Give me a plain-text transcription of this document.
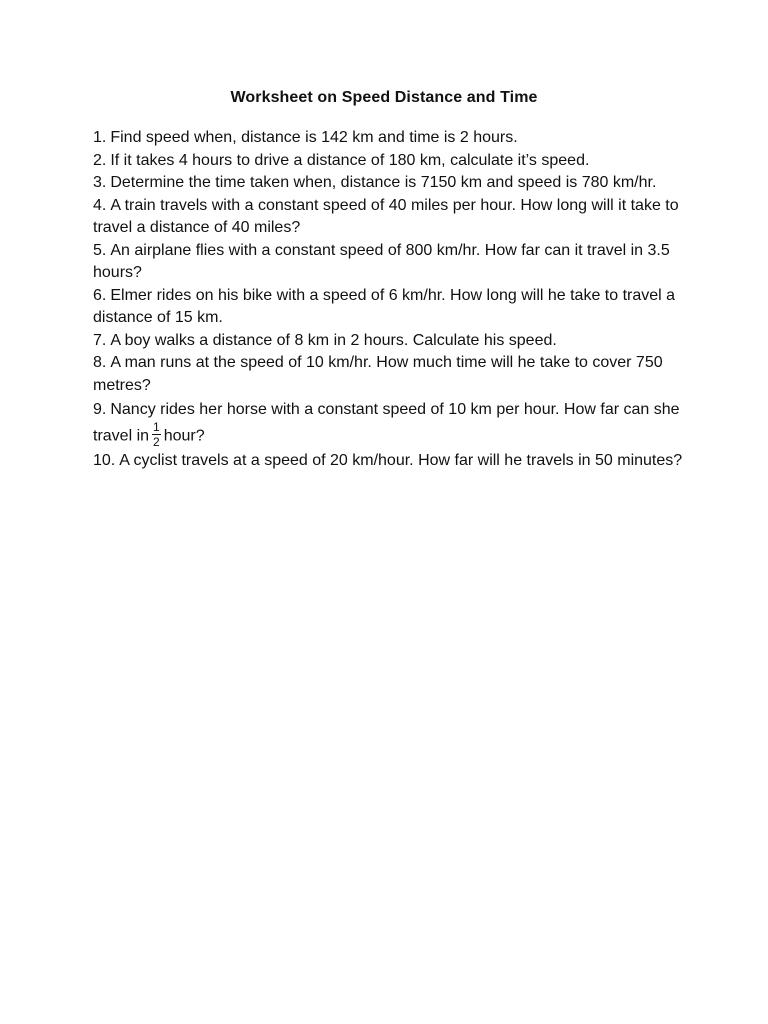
Worksheet on Speed Distance and Time
1. Find speed when, distance is 142 km and time is 2 hours.
2. If it takes 4 hours to drive a distance of 180 km, calculate it’s speed.
3. Determine the time taken when, distance is 7150 km and speed is 780 km/hr.
4. A train travels with a constant speed of 40 miles per hour. How long will it take to travel a distance of 40 miles?
5. An airplane flies with a constant speed of 800 km/hr. How far can it travel in 3.5 hours?
6. Elmer rides on his bike with a speed of 6 km/hr. How long will he take to travel a distance of 15 km.
7. A boy walks a distance of 8 km in 2 hours. Calculate his speed.
8. A man runs at the speed of 10 km/hr. How much time will he take to cover 750 metres?
9. Nancy rides her horse with a constant speed of 10 km per hour. How far can she travel in $\frac{1}{2}$ hour?
10. A cyclist travels at a speed of 20 km/hour. How far will he travels in 50 minutes?
